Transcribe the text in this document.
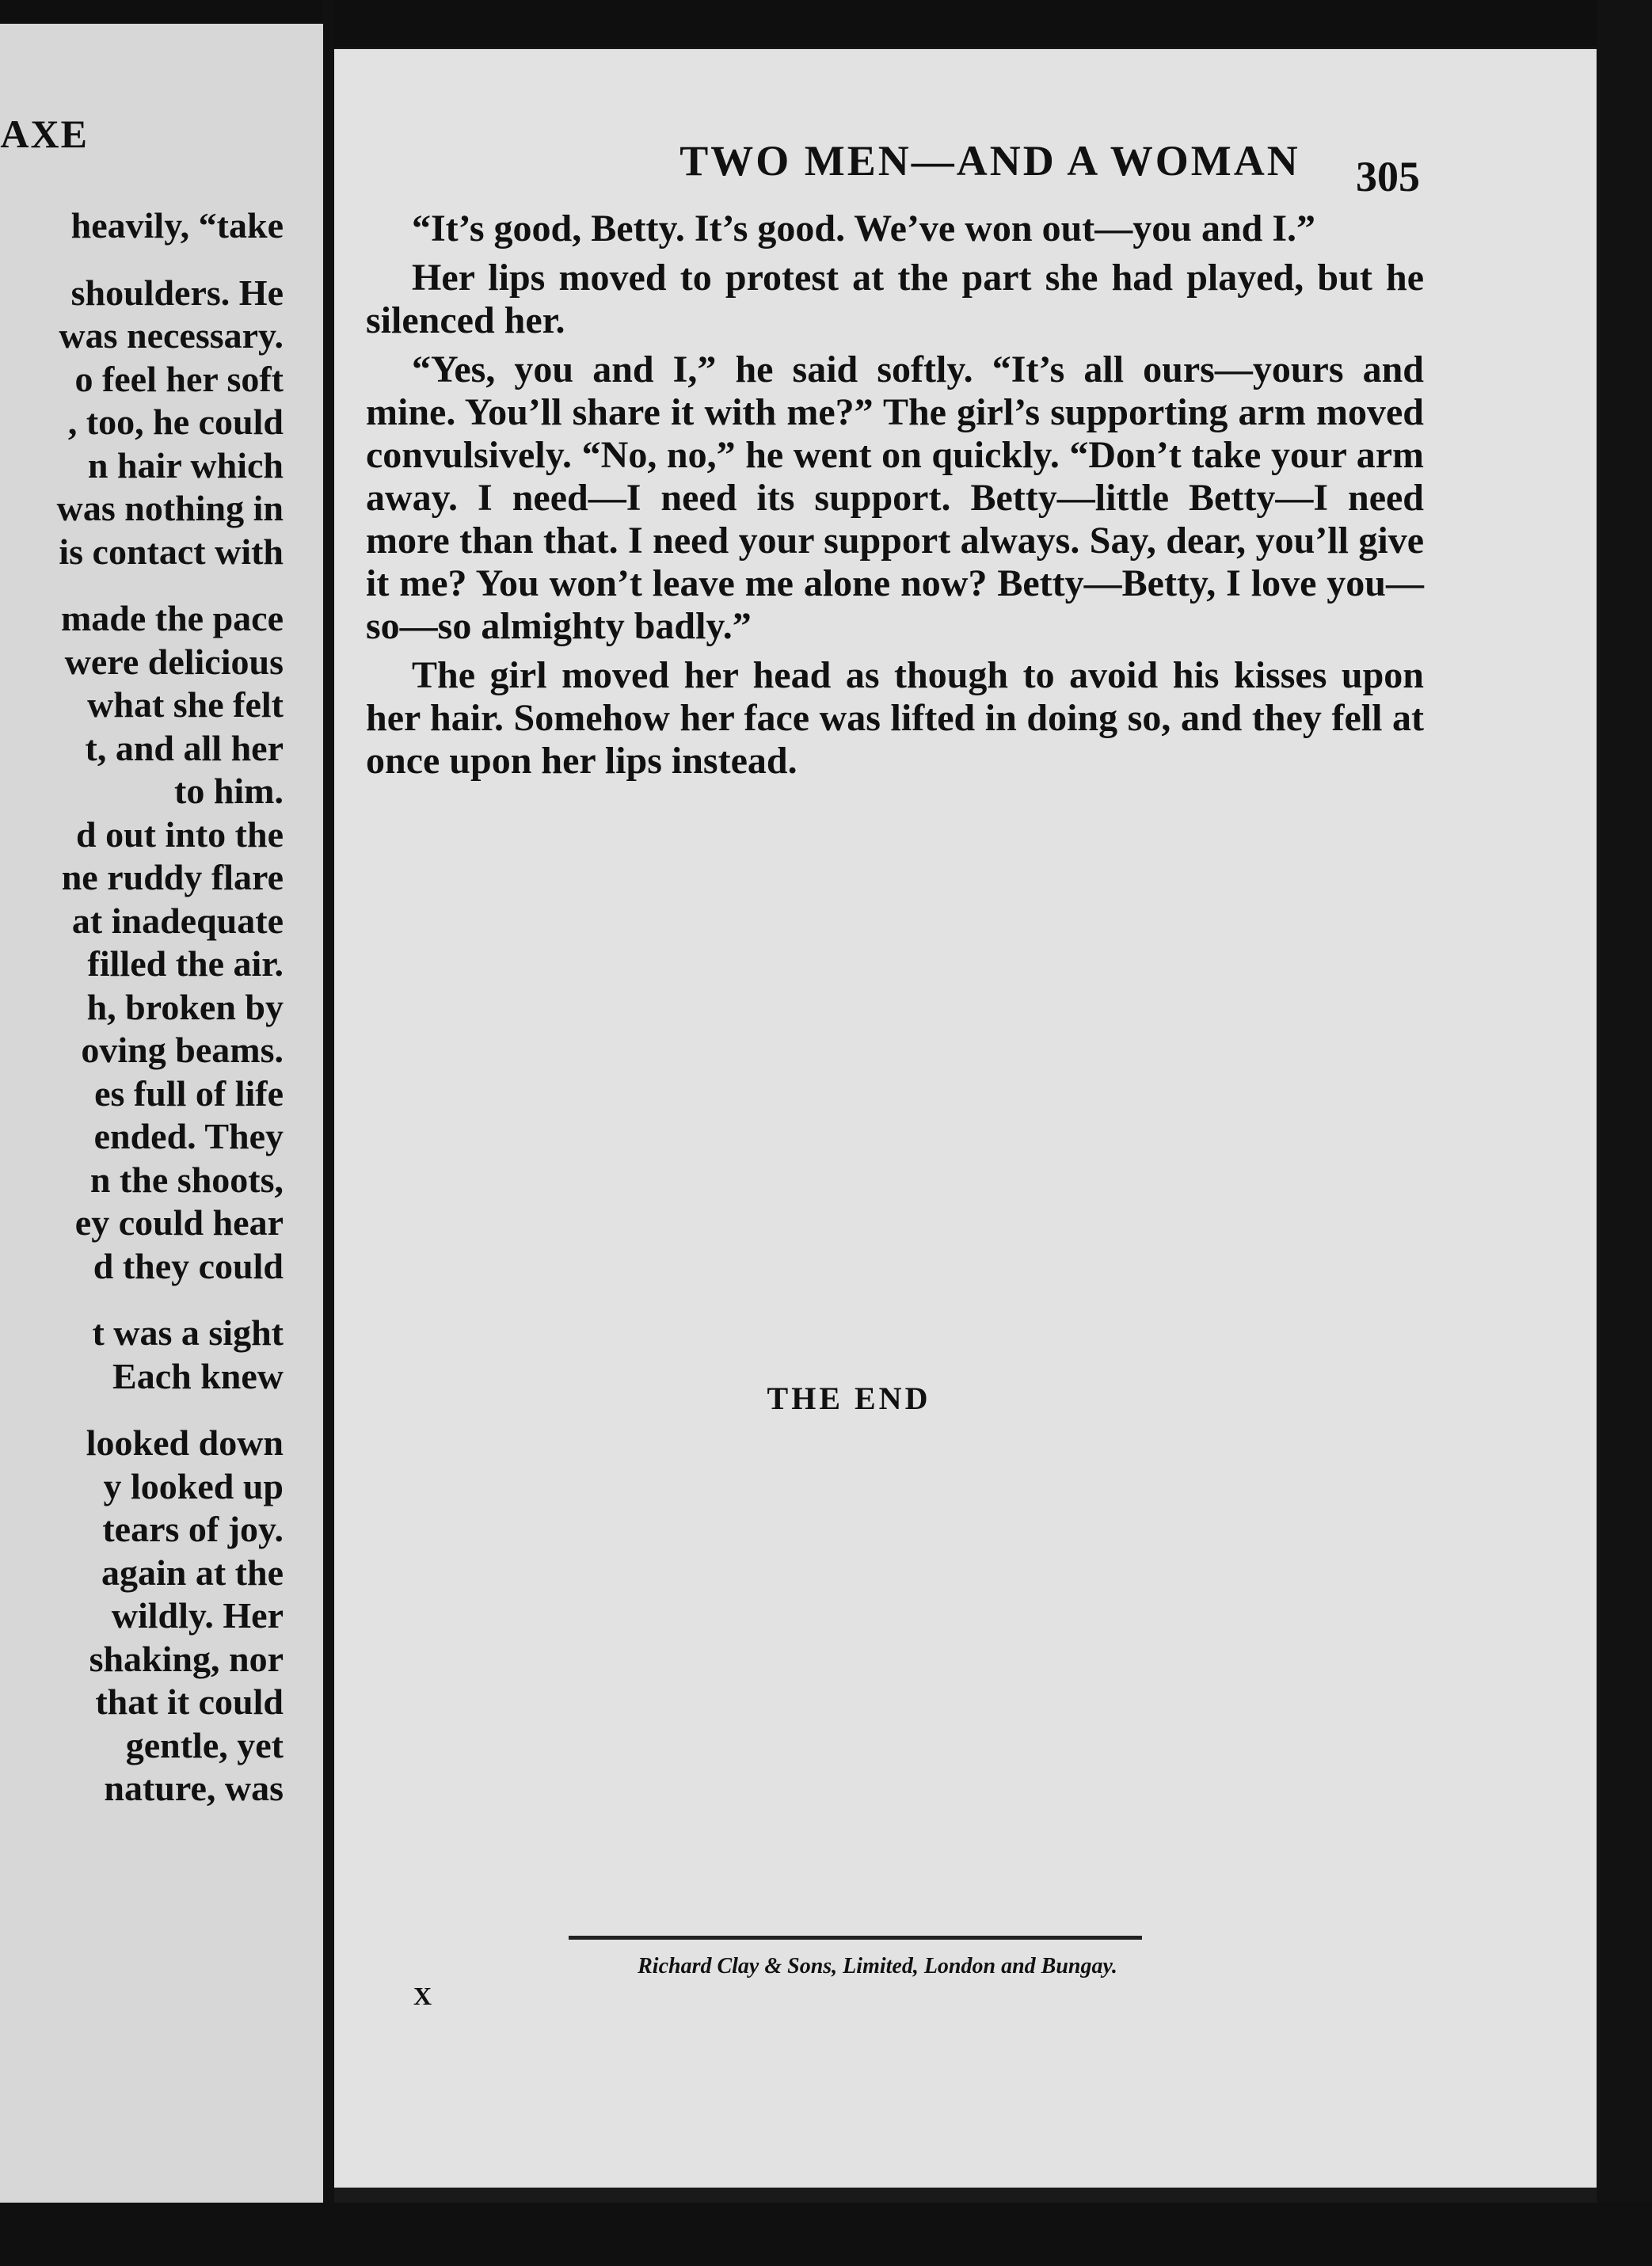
AXE
heavily, “take
shoulders. He
was necessary.
o feel her soft
, too, he could
n hair which
was nothing in
is contact with
made the pace
were delicious
what she felt
t, and all her
to him.
d out into the
ne ruddy flare
at inadequate
filled the air.
h, broken by
oving beams.
es full of life
ended. They
n the shoots,
ey could hear
d they could
t was a sight
Each knew
looked down
y looked up
tears of joy.
again at the
wildly. Her
shaking, nor
that it could
gentle, yet
nature, was
TWO MEN—AND A WOMAN	305

“It’s good, Betty. It’s good. We’ve won out—you and I.”

Her lips moved to protest at the part she had played, but he silenced her.

“Yes, you and I,” he said softly. “It’s all ours—yours and mine. You’ll share it with me?” The girl’s supporting arm moved convulsively. “No, no,” he went on quickly. “Don’t take your arm away. I need—I need its support. Betty—little Betty—I need more than that. I need your support always. Say, dear, you’ll give it me? You won’t leave me alone now? Betty—Betty, I love you—so—so almighty badly.”

The girl moved her head as though to avoid his kisses upon her hair. Somehow her face was lifted in doing so, and they fell at once upon her lips instead.

THE END
Richard Clay & Sons, Limited, London and Bungay.
X
